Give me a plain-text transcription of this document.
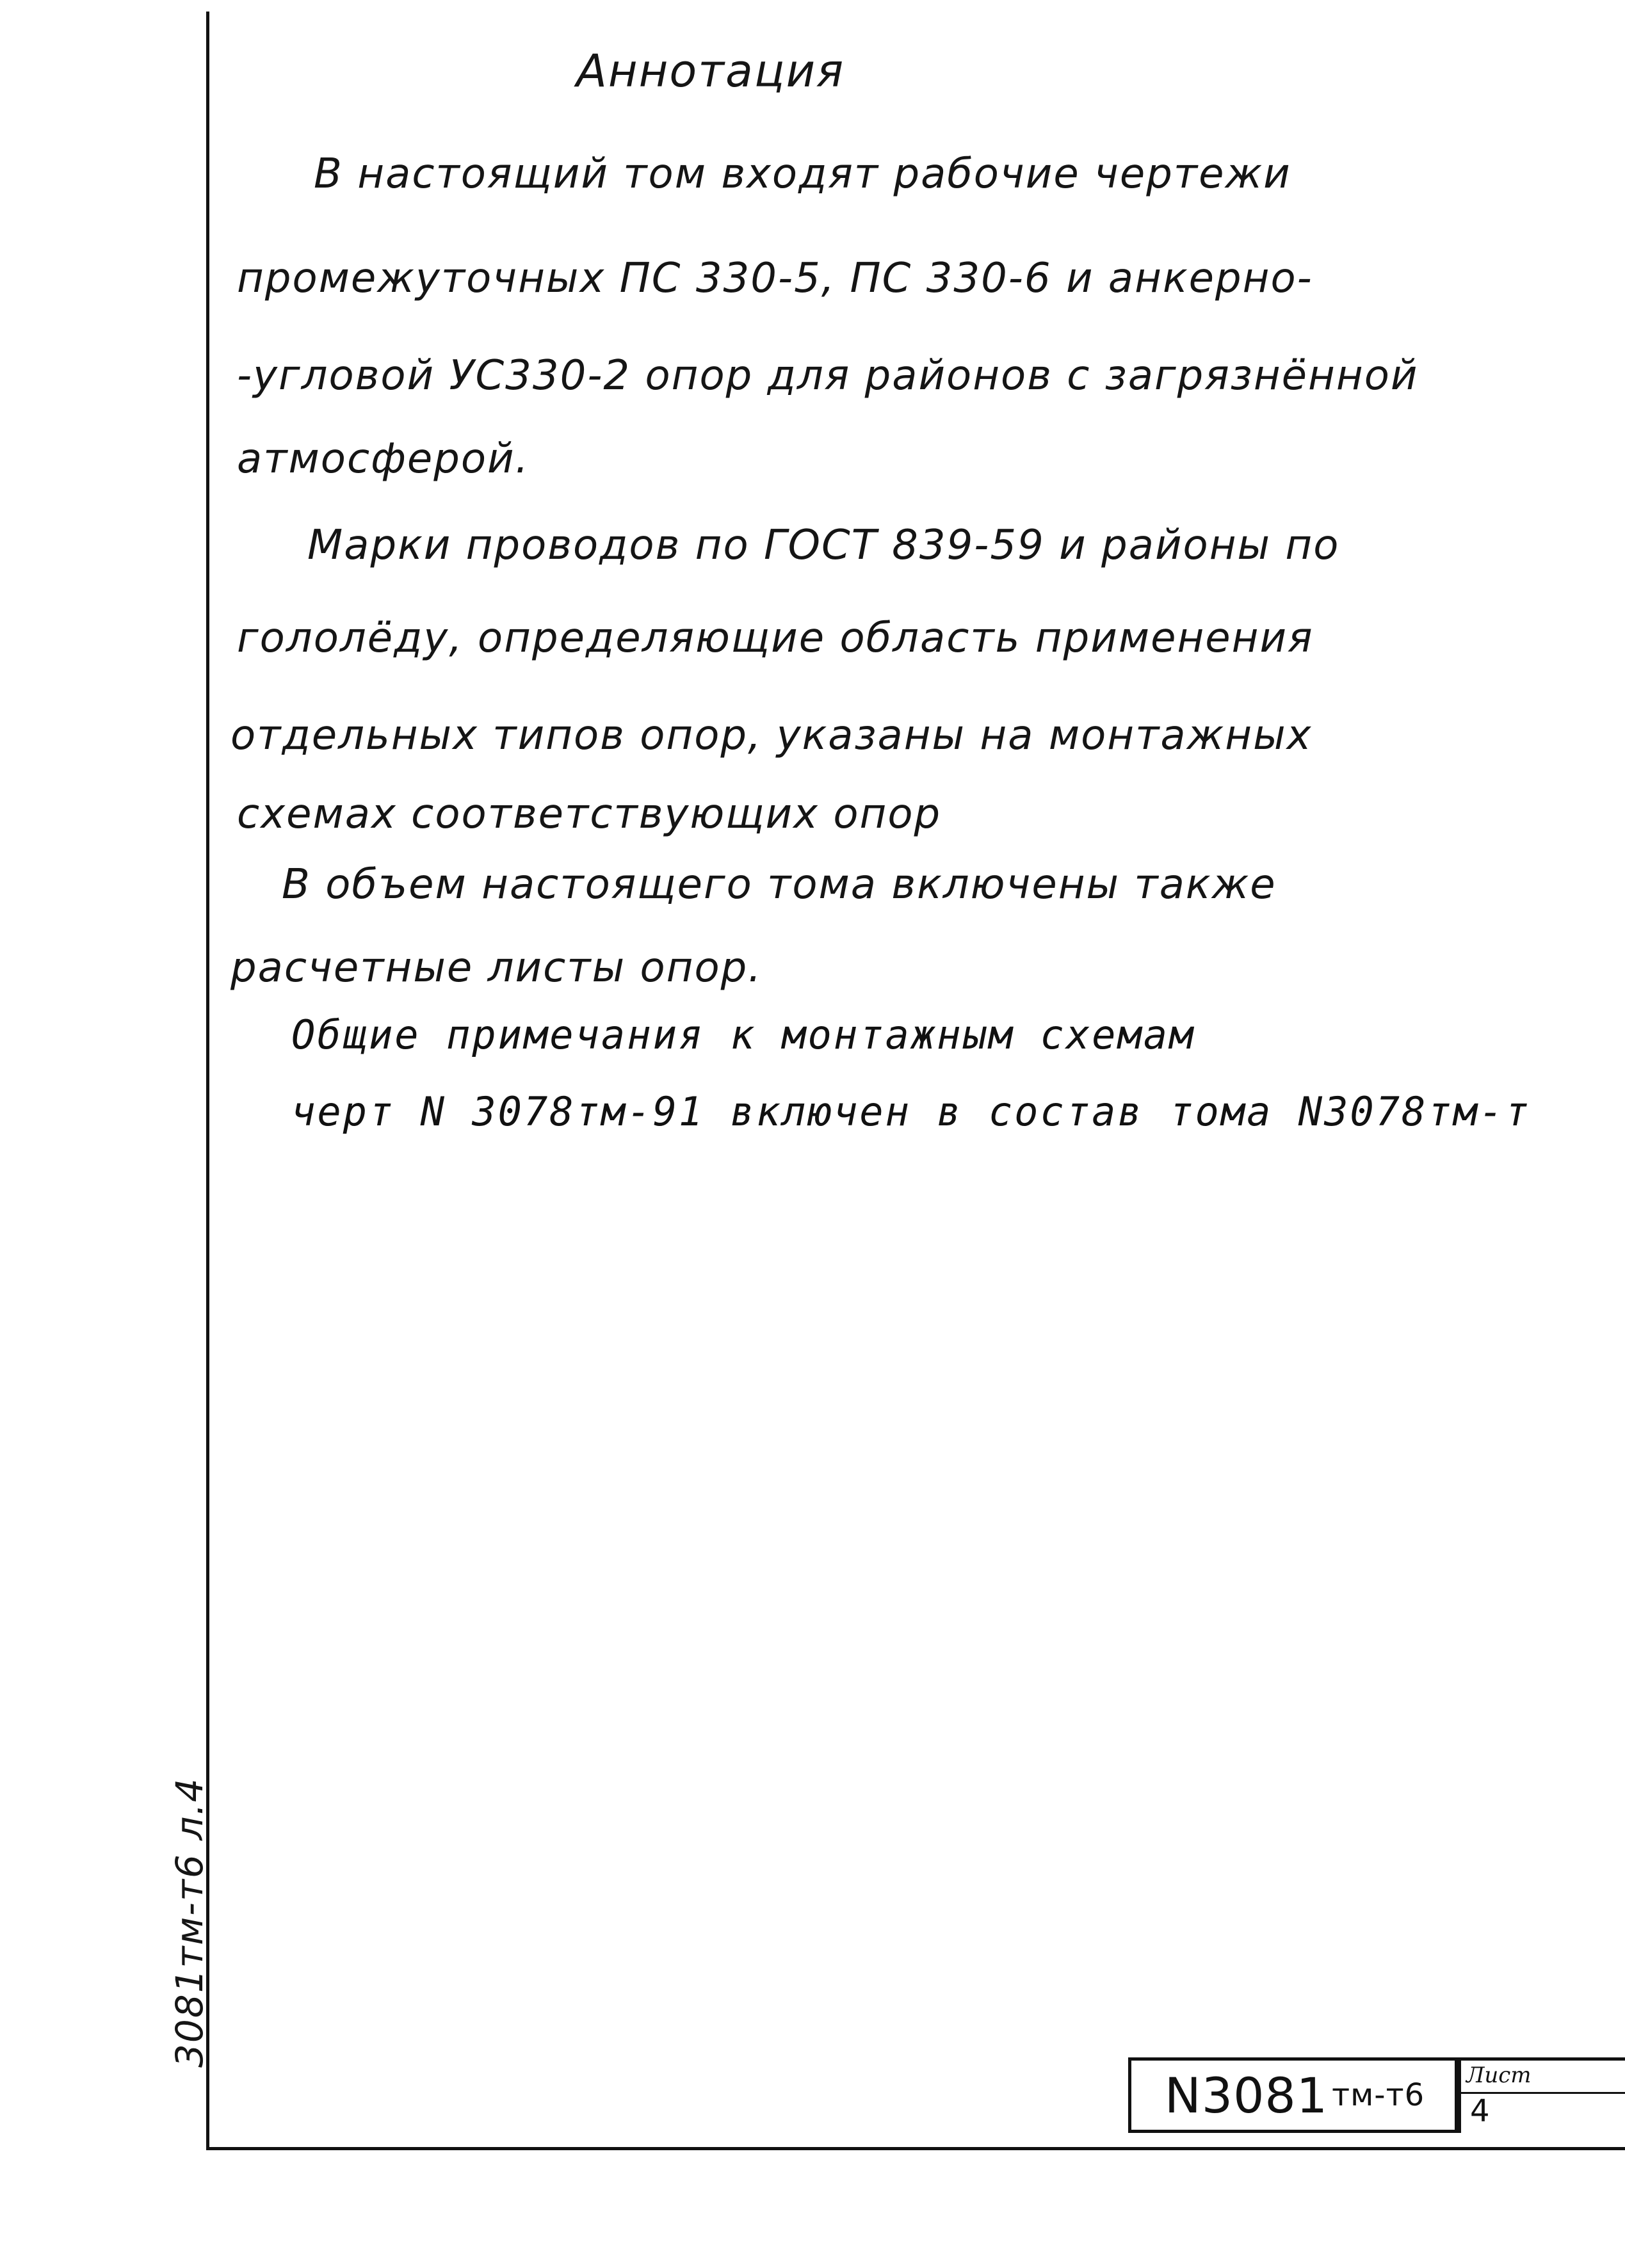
Аннотация
В настоящий том входят рабочие чертежи
промежуточных ПС 330-5, ПС 330-6 и анкерно-
-угловой УС330-2 опор для районов с загрязнённой
атмосферой.
Марки проводов по ГОСТ 839-59 и районы по
гололёду, определяющие область применения
отдельных типов опор, указаны на монтажных
схемах соответствующих опор
В объем настоящего тома включены также
расчетные листы опор.
Общие примечания к монтажным схемам
черт N 3078тм-91 включен в состав тома N3078тм-т
3081тм-т6 л.4
N3081 тм-т6
Лист
4
